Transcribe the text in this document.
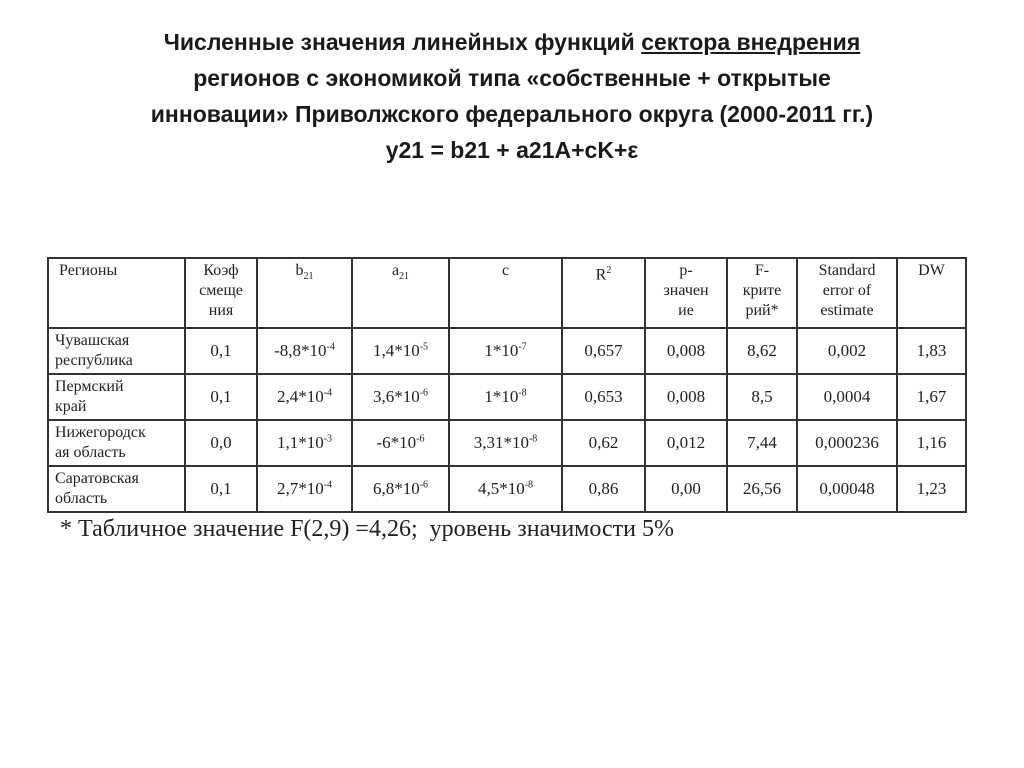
Численные значения линейных функций сектора внедрения
регионов с экономикой типа «собственные + открытые
инновации» Приволжского федерального округа (2000-2011 гг.)
y21 = b21 + a21A+cK+ε
Регионы	Коэф
смеще
ния	$b_{21}$	$a_{21}$	c	$R^2$	p-
значен
ие	F-
крите
рий*	Standard
error of
estimate	DW
Чувашская
республика	0,1	$-8,8*10^{-4}$	$1,4*10^{-5}$	$1*10^{-7}$	0,657	0,008	8,62	0,002	1,83
Пермский
край	0,1	$2,4*10^{-4}$	$3,6*10^{-6}$	$1*10^{-8}$	0,653	0,008	8,5	0,0004	1,67
Нижегородск
ая область	0,0	$1,1*10^{-3}$	$-6*10^{-6}$	$3,31*10^{-8}$	0,62	0,012	7,44	0,000236	1,16
Саратовская
область	0,1	$2,7*10^{-4}$	$6,8*10^{-6}$	$4,5*10^{-8}$	0,86	0,00	26,56	0,00048	1,23

* Табличное значение F(2,9) =4,26;  уровень значимости 5%
